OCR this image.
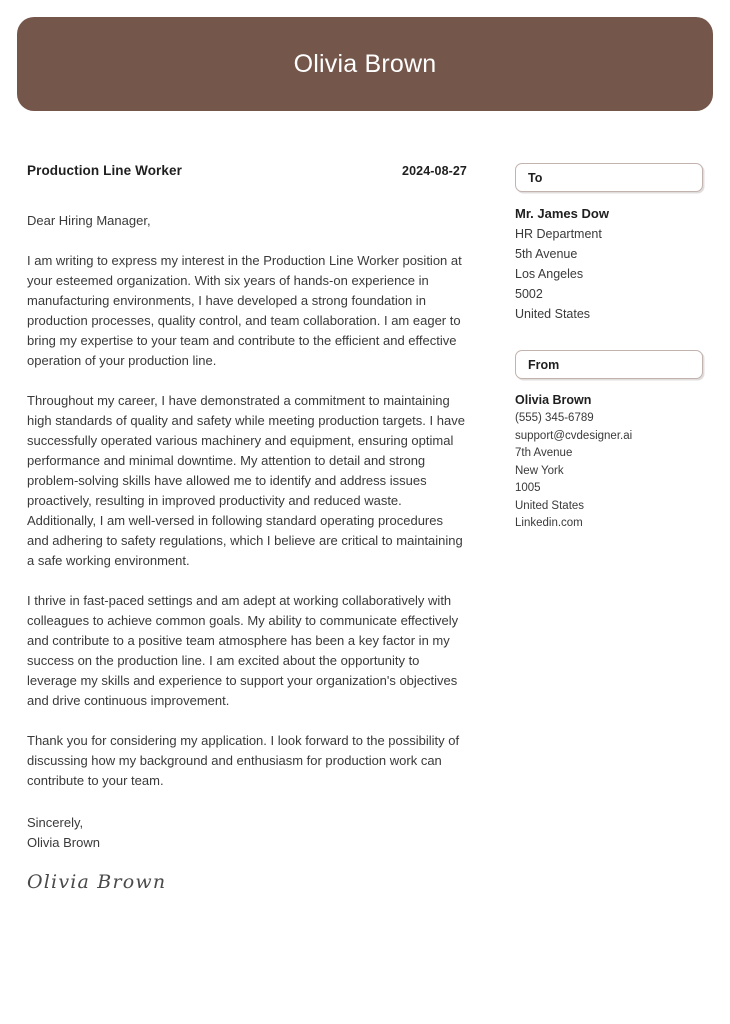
Olivia Brown
Production Line Worker	2024-08-27
Dear Hiring Manager,
I am writing to express my interest in the Production Line Worker position at your esteemed organization. With six years of hands-on experience in manufacturing environments, I have developed a strong foundation in production processes, quality control, and team collaboration. I am eager to bring my expertise to your team and contribute to the efficient and effective operation of your production line.
Throughout my career, I have demonstrated a commitment to maintaining high standards of quality and safety while meeting production targets. I have successfully operated various machinery and equipment, ensuring optimal performance and minimal downtime. My attention to detail and strong problem-solving skills have allowed me to identify and address issues proactively, resulting in improved productivity and reduced waste. Additionally, I am well-versed in following standard operating procedures and adhering to safety regulations, which I believe are critical to maintaining a safe working environment.
I thrive in fast-paced settings and am adept at working collaboratively with colleagues to achieve common goals. My ability to communicate effectively and contribute to a positive team atmosphere has been a key factor in my success on the production line. I am excited about the opportunity to leverage my skills and experience to support your organization's objectives and drive continuous improvement.
Thank you for considering my application. I look forward to the possibility of discussing how my background and enthusiasm for production work can contribute to your team.
Sincerely,
Olivia Brown
Olivia Brown
To
Mr. James Dow
HR Department
5th Avenue
Los Angeles
5002
United States
From
Olivia Brown
(555) 345-6789
support@cvdesigner.ai
7th Avenue
New York
1005
United States
Linkedin.com
